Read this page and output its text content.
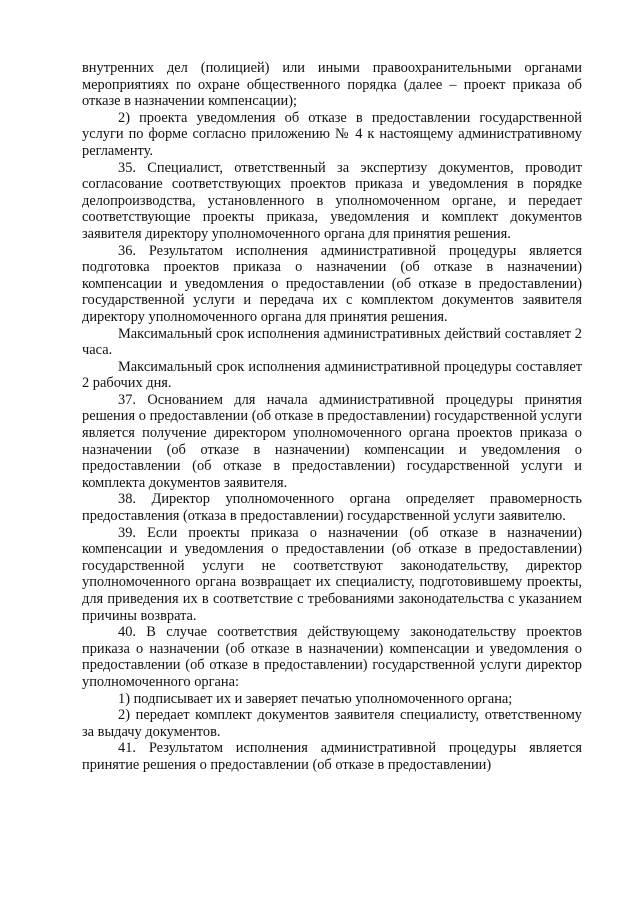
внутренних дел (полицией) или иными правоохранительными органами мероприятиях по охране общественного порядка (далее – проект приказа об отказе в назначении компенсации);

2) проекта уведомления об отказе в предоставлении государственной услуги по форме согласно приложению № 4 к настоящему административному регламенту.

35. Специалист, ответственный за экспертизу документов, проводит согласование соответствующих проектов приказа и уведомления в порядке делопроизводства, установленного в уполномоченном органе, и передает соответствующие проекты приказа, уведомления и комплект документов заявителя директору уполномоченного органа для принятия решения.

36. Результатом исполнения административной процедуры является подготовка проектов приказа о назначении (об отказе в назначении) компенсации и уведомления о предоставлении (об отказе в предоставлении) государственной услуги и передача их с комплектом документов заявителя директору уполномоченного органа для принятия решения.

Максимальный срок исполнения административных действий составляет 2 часа.

Максимальный срок исполнения административной процедуры составляет 2 рабочих дня.

37. Основанием для начала административной процедуры принятия решения о предоставлении (об отказе в предоставлении) государственной услуги является получение директором уполномоченного органа проектов приказа о назначении (об отказе в назначении) компенсации и уведомления о предоставлении (об отказе в предоставлении) государственной услуги и комплекта документов заявителя.

38. Директор уполномоченного органа определяет правомерность предоставления (отказа в предоставлении) государственной услуги заявителю.

39. Если проекты приказа о назначении (об отказе в назначении) компенсации и уведомления о предоставлении (об отказе в предоставлении) государственной услуги не соответствуют законодательству, директор уполномоченного органа возвращает их специалисту, подготовившему проекты, для приведения их в соответствие с требованиями законодательства с указанием причины возврата.

40. В случае соответствия действующему законодательству проектов приказа о назначении (об отказе в назначении) компенсации и уведомления о предоставлении (об отказе в предоставлении) государственной услуги директор уполномоченного органа:

1) подписывает их и заверяет печатью уполномоченного органа;

2) передает комплект документов заявителя специалисту, ответственному за выдачу документов.

41. Результатом исполнения административной процедуры является принятие решения о предоставлении (об отказе в предоставлении)
